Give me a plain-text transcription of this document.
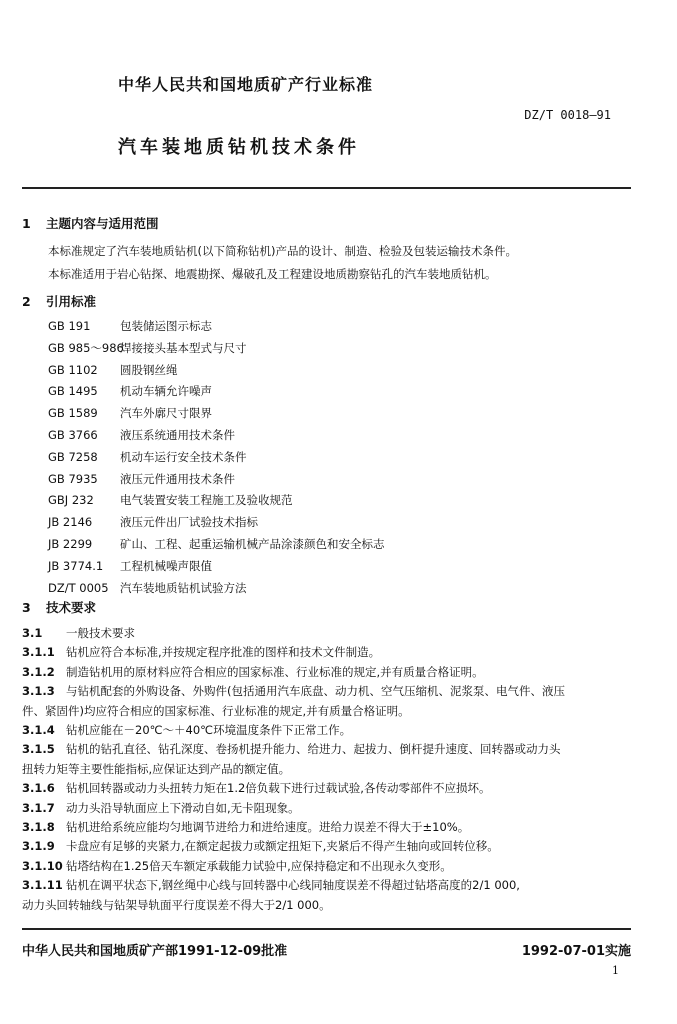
中华人民共和国地质矿产行业标准
DZ/T 0018—91
汽车装地质钻机技术条件
1 主题内容与适用范围
本标准规定了汽车装地质钻机(以下简称钻机)产品的设计、制造、检验及包装运输技术条件。
本标准适用于岩心钻探、地震勘探、爆破孔及工程建设地质勘察钻孔的汽车装地质钻机。
2 引用标准
GB 191	包装储运图示标志
GB 985～986焊接接头基本型式与尺寸
GB 1102 圆股钢丝绳
GB 1495 机动车辆允许噪声
GB 1589 汽车外廓尺寸限界
GB 3766 液压系统通用技术条件
GB 7258 机动车运行安全技术条件
GB 7935 液压元件通用技术条件
GBJ 232 电气装置安装工程施工及验收规范
JB 2146 液压元件出厂试验技术指标
JB 2299 矿山、工程、起重运输机械产品涂漆颜色和安全标志
JB 3774.1 工程机械噪声限值
DZ/T 0005 汽车装地质钻机试验方法
3 技术要求
3.1 一般技术要求
3.1.1 钻机应符合本标准,并按规定程序批准的图样和技术文件制造。
3.1.2 制造钻机用的原材料应符合相应的国家标准、行业标准的规定,并有质量合格证明。
3.1.3 与钻机配套的外购设备、外购件(包括通用汽车底盘、动力机、空气压缩机、泥浆泵、电气件、液压
件、紧固件)均应符合相应的国家标准、行业标准的规定,并有质量合格证明。
3.1.4 钻机应能在－20℃～＋40℃环境温度条件下正常工作。
3.1.5 钻机的钻孔直径、钻孔深度、卷扬机提升能力、给进力、起拔力、倒杆提升速度、回转器或动力头
扭转力矩等主要性能指标,应保证达到产品的额定值。
3.1.6 钻机回转器或动力头扭转力矩在1.2倍负载下进行过载试验,各传动零部件不应损坏。
3.1.7 动力头沿导轨面应上下滑动自如,无卡阻现象。
3.1.8 钻机进给系统应能均匀地调节进给力和进给速度。进给力误差不得大于±10%。
3.1.9 卡盘应有足够的夹紧力,在额定起拔力或额定扭矩下,夹紧后不得产生轴向或回转位移。
3.1.10 钻塔结构在1.25倍天车额定承载能力试验中,应保持稳定和不出现永久变形。
3.1.11 钻机在调平状态下,钢丝绳中心线与回转器中心线同轴度误差不得超过钻塔高度的2/1 000,
动力头回转轴线与钻架导轨面平行度误差不得大于2/1 000。
中华人民共和国地质矿产部1991-12-09批准	1992-07-01实施
1
